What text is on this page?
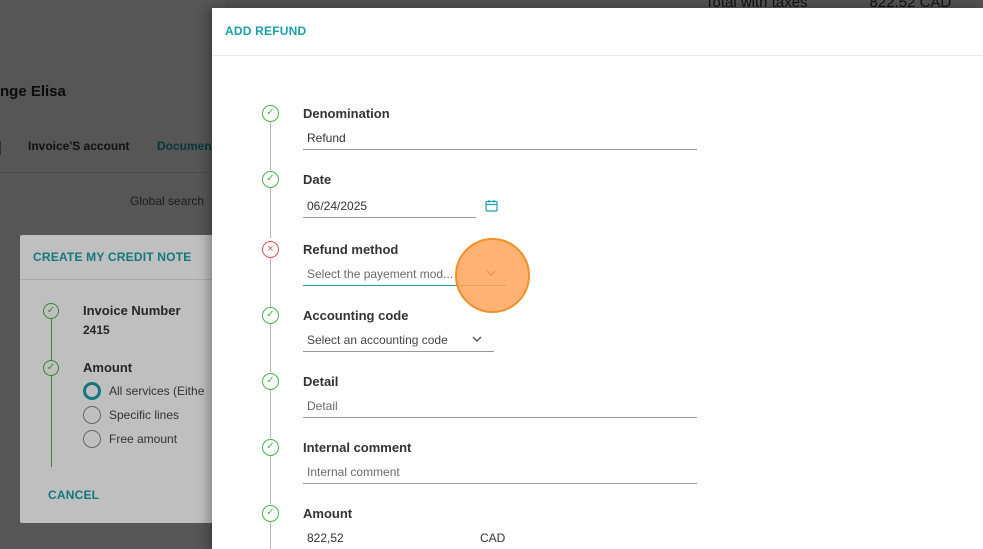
CREATE MY CREDIT NOTE
✓ Invoice Number
2415
✓ Amount
All services (Eithe
Specific lines
Free amount
CANCEL
ADD REFUND
✓	Denomination
Refund
✓	Date
06/24/2025
×	Refund method
Select the payement mod...
✓	Accounting code
Select an accounting code
✓	Detail
Detail
✓	Internal comment
Internal comment
✓	Amount
822,52	CAD
